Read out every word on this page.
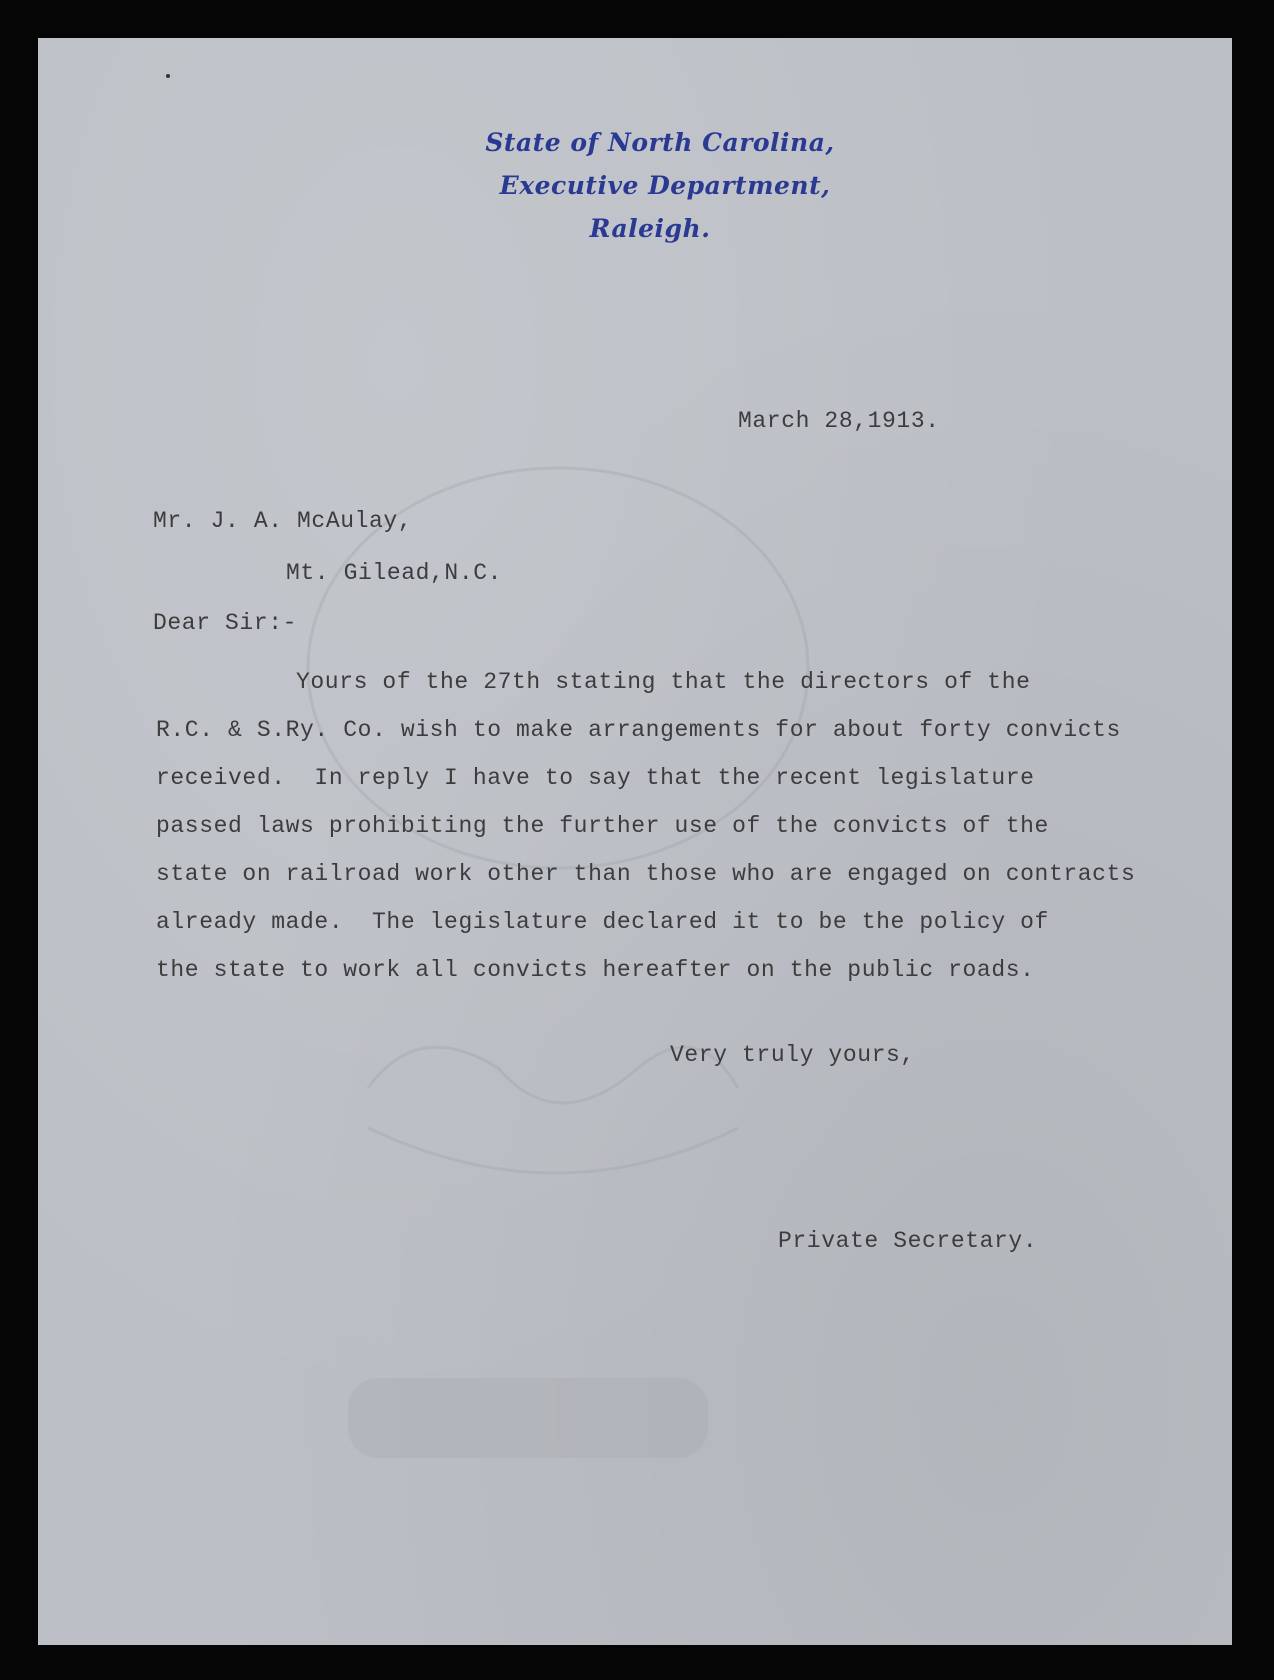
State of North Carolina,
Executive Department,
Raleigh.
March 28,1913.
Mr. J. A. McAulay,
Mt. Gilead,N.C.
Dear Sir:-
Yours of the 27th stating that the directors of the
R.C. & S.Ry. Co. wish to make arrangements for about forty convicts
received.  In reply I have to say that the recent legislature
passed laws prohibiting the further use of the convicts of the
state on railroad work other than those who are engaged on contracts
already made.  The legislature declared it to be the policy of
the state to work all convicts hereafter on the public roads.
Very truly yours,
Private Secretary.
